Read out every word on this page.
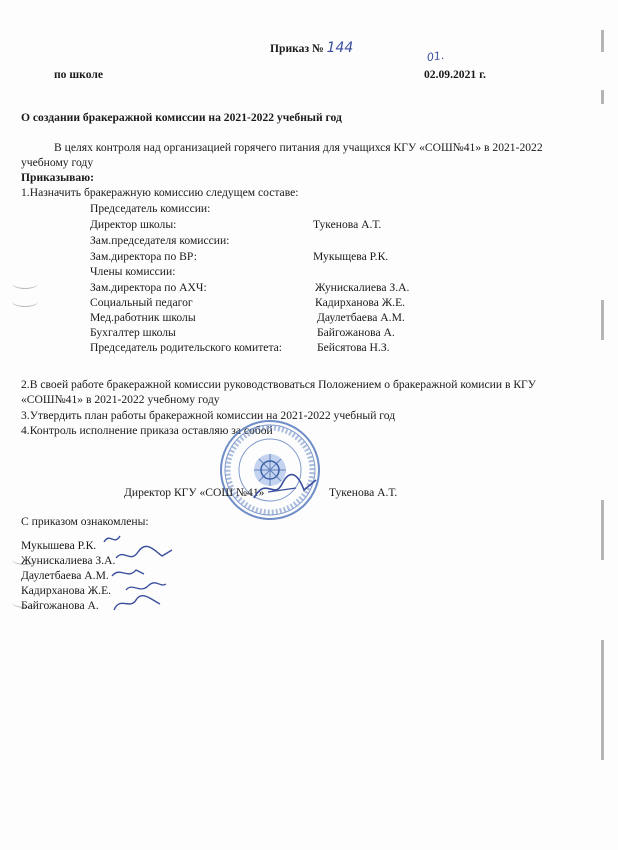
Приказ № 144
по школе
01.
02.09.2021 г.
О создании бракеражной комиссии на 2021-2022 учебный год
В целях контроля над организацией горячего питания для учащихся КГУ «СОШ№41» в 2021-2022
учебному году
Приказываю:
1.Назначить бракеражную комиссию следущем составе:
Председатель комиссии:
Директор школы:	Тукенова А.Т.
Зам.председателя комиссии:
Зам.директора по ВР:	Мукыщева Р.К.
Члены комиссии:
Зам.директора по АХЧ:	Жунискалиева З.А.
Социальный педагог	Кадирханова Ж.Е.
Мед.работник школы	Даулетбаева А.М.
Бухгалтер школы	Байгожанова А.
Председатель родительского комитета:	Бейсятова Н.З.
2.В своей работе бракеражной комиссии руководствоваться Положением о бракеражной комисии в КГУ
«СОШ№41» в 2021-2022 учебному году
3.Утвердить план работы бракеражной комиссии на 2021-2022 учебный год
4.Контроль исполнение приказа оставляю за собой
Директор КГУ «СОШ №41»	Тукенова А.Т.
С приказом ознакомлены:
Мукышева Р.К.
Жунискалиева З.А.
Даулетбаева А.М.
Кадирханова Ж.Е.
Байгожанова А.
